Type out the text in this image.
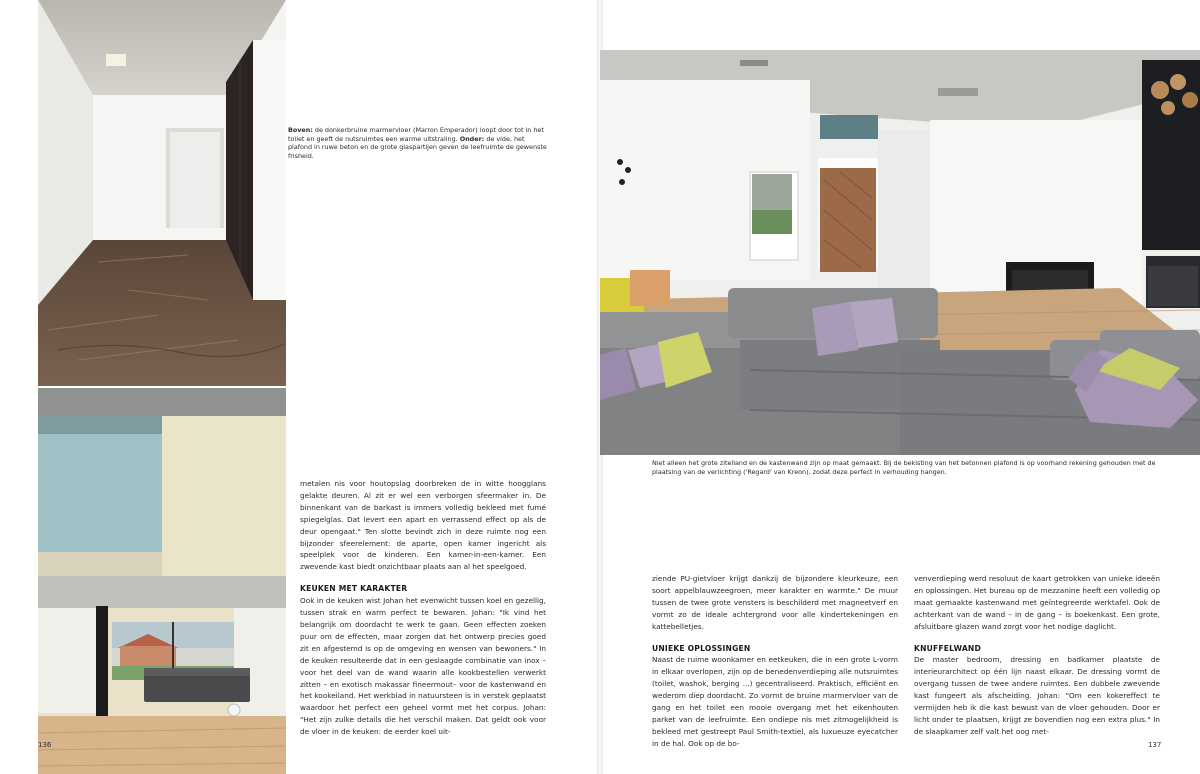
Boven: de donkerbruine marmervloer (Marron Emperador) loopt door tot in het toilet en geeft de nutsruimtes een warme uitstraling. Onder: de vide, het plafond in ruwe beton en de grote glaspartijen geven de leefruimte de gewenste frisheid.
metalen nis voor houtopslag doorbreken de in witte hoogglans gelakte deuren. Al zit er wel een verborgen sfeermaker in. De binnenkant van de barkast is immers volledig bekleed met fumé spiegelglas. Dat levert een apart en verrassend effect op als de deur opengaat." Ten slotte bevindt zich in deze ruimte nog een bijzonder sfeerelement: de aparte, open kamer ingericht als speelplek voor de kinderen. Een kamer-in-een-kamer. Een zwevende kast biedt onzichtbaar plaats aan al het speelgoed.
KEUKEN MET KARAKTER
Ook in de keuken wist Johan het evenwicht tussen koel en gezellig, tussen strak en warm perfect te bewaren. Johan: "Ik vind het belangrijk om doordacht te werk te gaan. Geen effecten zoeken puur om de effecten, maar zorgen dat het ontwerp precies goed zit en afgestemd is op de omgeving en wensen van bewoners." In de keuken resulteerde dat in een geslaagde combinatie van inox – voor het deel van de wand waarin alle kookbestellen verwerkt zitten – en exotisch makassar fineermout– voor de kastenwand en het kookeiland. Het werkblad in natuursteen is in verstek geplaatst waardoor het perfect een geheel vormt met het corpus. Johan: "Het zijn zulke details die het verschil maken. Dat geldt ook voor de vloer in de keuken: de eerder koel uit-
Niet alleen het grote zitelland en de kastenwand zijn op maat gemaakt. Bij de bekisting van het betonnen plafond is op voorhand rekening gehouden met de plaatsing van de verlichting ('Regard' van Kreon), zodat deze perfect in verhouding hangen.
ziende PU-gietvloer krijgt dankzij de bijzondere kleurkeuze, een soort appelblauwzeegroen, meer karakter en warmte." De muur tussen de twee grote vensters is beschilderd met magneetverf en vormt zo de ideale achtergrond voor alle kindertekeningen en kattebelletjes.
UNIEKE OPLOSSINGEN
Naast de ruime woonkamer en eetkeuken, die in een grote L-vorm in elkaar overlopen, zijn op de benedenverdieping alle nutsruimtes (toilet, washok, berging ...) gecentraliseerd. Praktisch, efficiënt en wederom diep doordacht. Zo vormt de bruine marmervloer van de gang en het toilet een mooie overgang met het eikenhouten parket van de leefruimte. Een ondiepe nis met zitmogelijkheid is bekleed met gestreept Paul Smith-textiel, als luxueuze eyecatcher in de hal. Ook op de bo-
venverdieping werd resoluut de kaart getrokken van unieke ideeën en oplossingen. Het bureau op de mezzanine heeft een volledig op maat gemaakte kastenwand met geïntegreerde werktafel. Ook de achterkant van de wand – in de gang – is boekenkast. Een grote, afsluitbare glazen wand zorgt voor het nodige daglicht.
KNUFFELWAND
De master bedroom, dressing en badkamer plaatste de interieurarchitect op één lijn naast elkaar. De dressing vormt de overgang tussen de twee andere ruimtes. Een dubbele zwevende kast fungeert als afscheiding. Johan: "Om een kokereffect te vermijden heb ik die kast bewust van de vloer gehouden. Door er licht onder te plaatsen, krijgt ze bovendien nog een extra plus." In de slaapkamer zelf valt het oog met-
136	137
